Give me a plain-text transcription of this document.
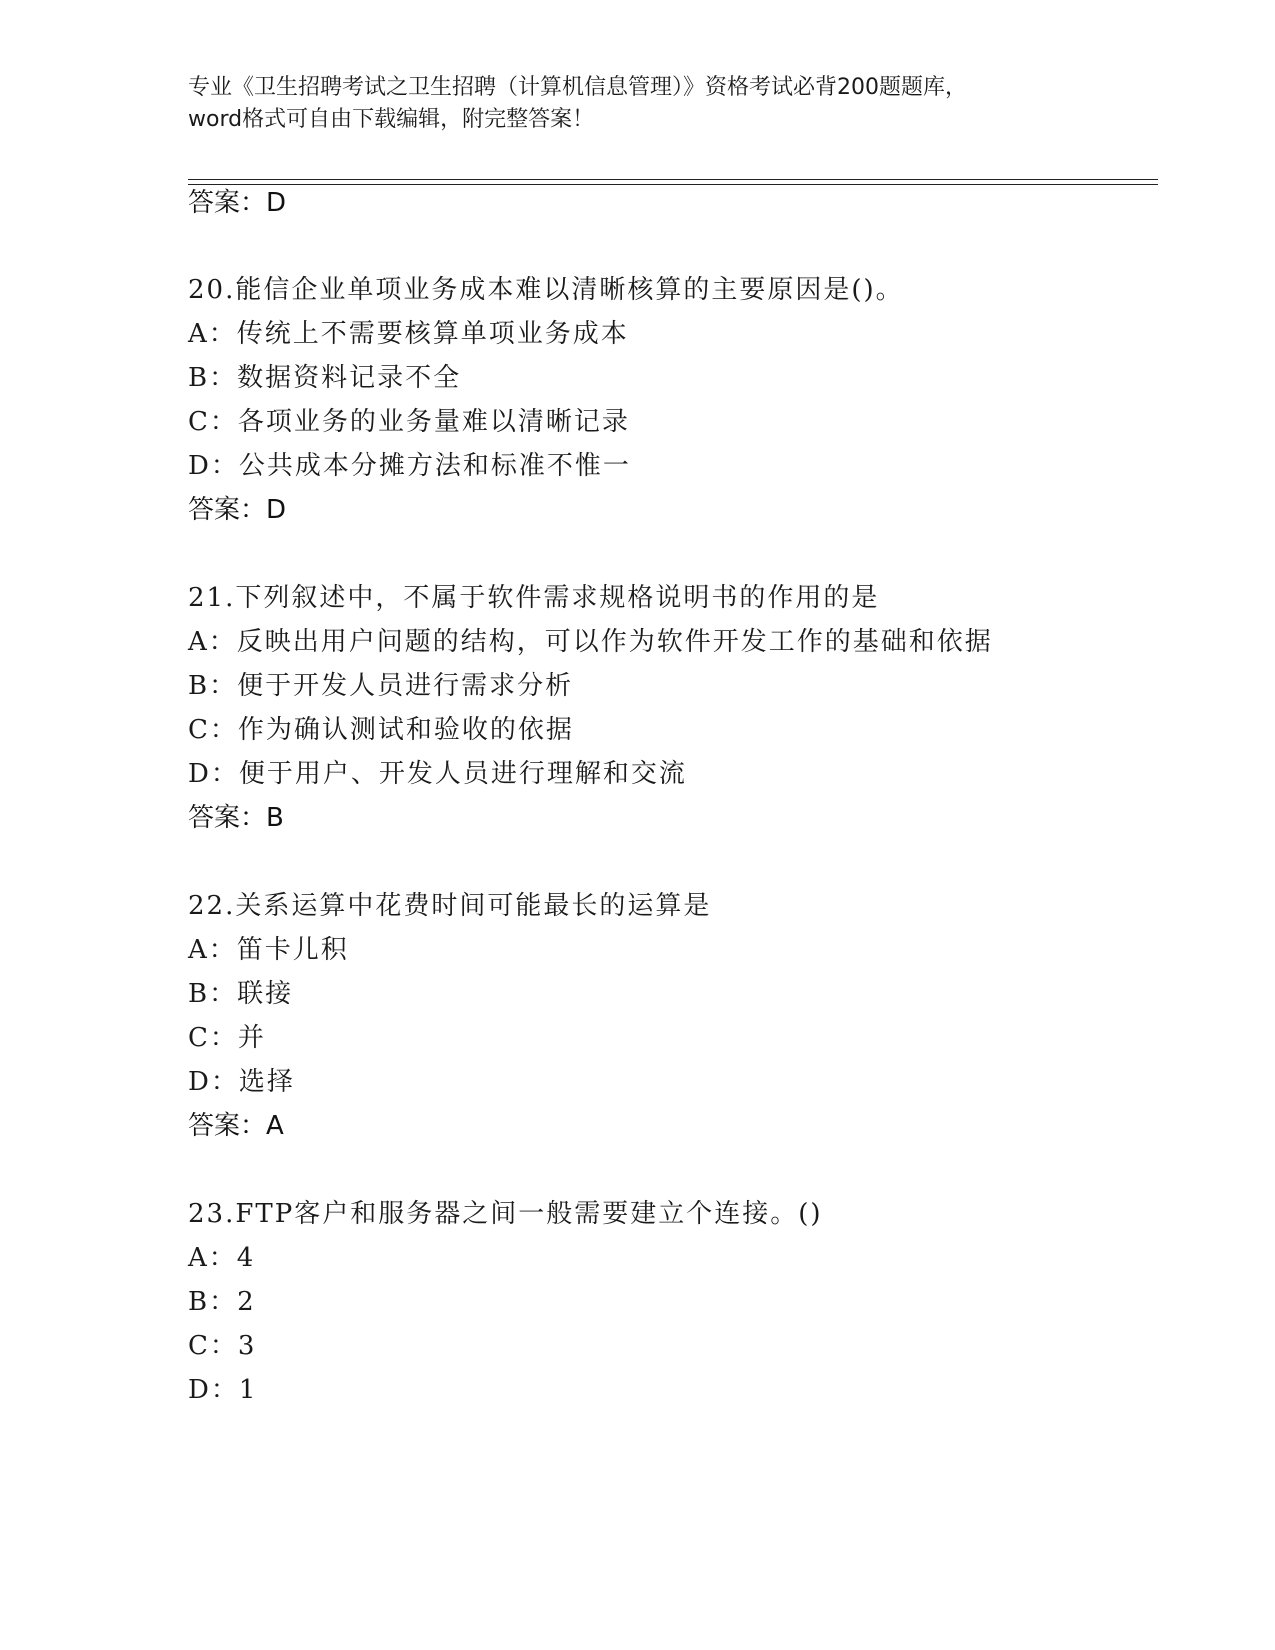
专业《卫生招聘考试之卫生招聘（计算机信息管理）》资格考试必背200题题库，
word格式可自由下载编辑，附完整答案！
答案：D
20.能信企业单项业务成本难以清晰核算的主要原因是()。
A：传统上不需要核算单项业务成本
B：数据资料记录不全
C：各项业务的业务量难以清晰记录
D：公共成本分摊方法和标准不惟一
答案：D
21.下列叙述中，不属于软件需求规格说明书的作用的是
A：反映出用户问题的结构，可以作为软件开发工作的基础和依据
B：便于开发人员进行需求分析
C：作为确认测试和验收的依据
D：便于用户、开发人员进行理解和交流
答案：B
22.关系运算中花费时间可能最长的运算是
A：笛卡儿积
B：联接
C：并
D：选择
答案：A
23.FTP客户和服务器之间一般需要建立个连接。()
A：4
B：2
C：3
D：1
